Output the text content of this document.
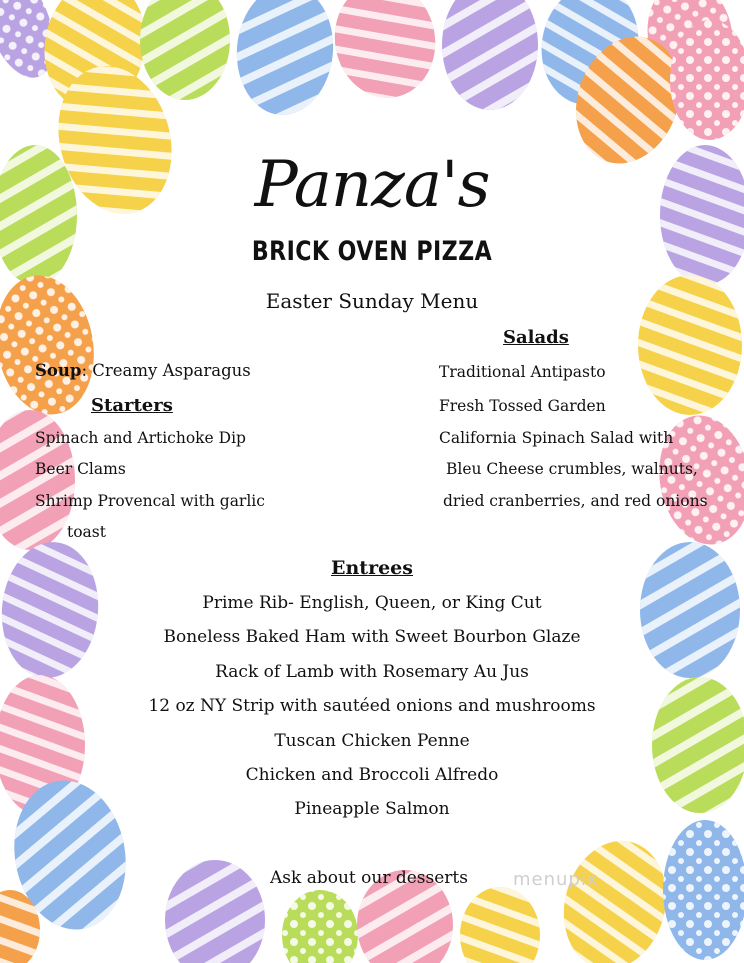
Panza's
BRICK OVEN PIZZA
Easter Sunday Menu
Soup: Creamy Asparagus
Starters
Spinach and Artichoke Dip
Beer Clams
Shrimp Provencal with garlic
toast
Salads
Traditional Antipasto
Fresh Tossed Garden
California Spinach Salad with
Bleu Cheese crumbles, walnuts,
dried cranberries, and red onions
Entrees
Prime Rib- English, Queen, or King Cut
Boneless Baked Ham with Sweet Bourbon Glaze
Rack of Lamb with Rosemary Au Jus
12 oz NY Strip with sautéed onions and mushrooms
Tuscan Chicken Penne
Chicken and Broccoli Alfredo
Pineapple Salmon
Ask about our desserts	menupix
